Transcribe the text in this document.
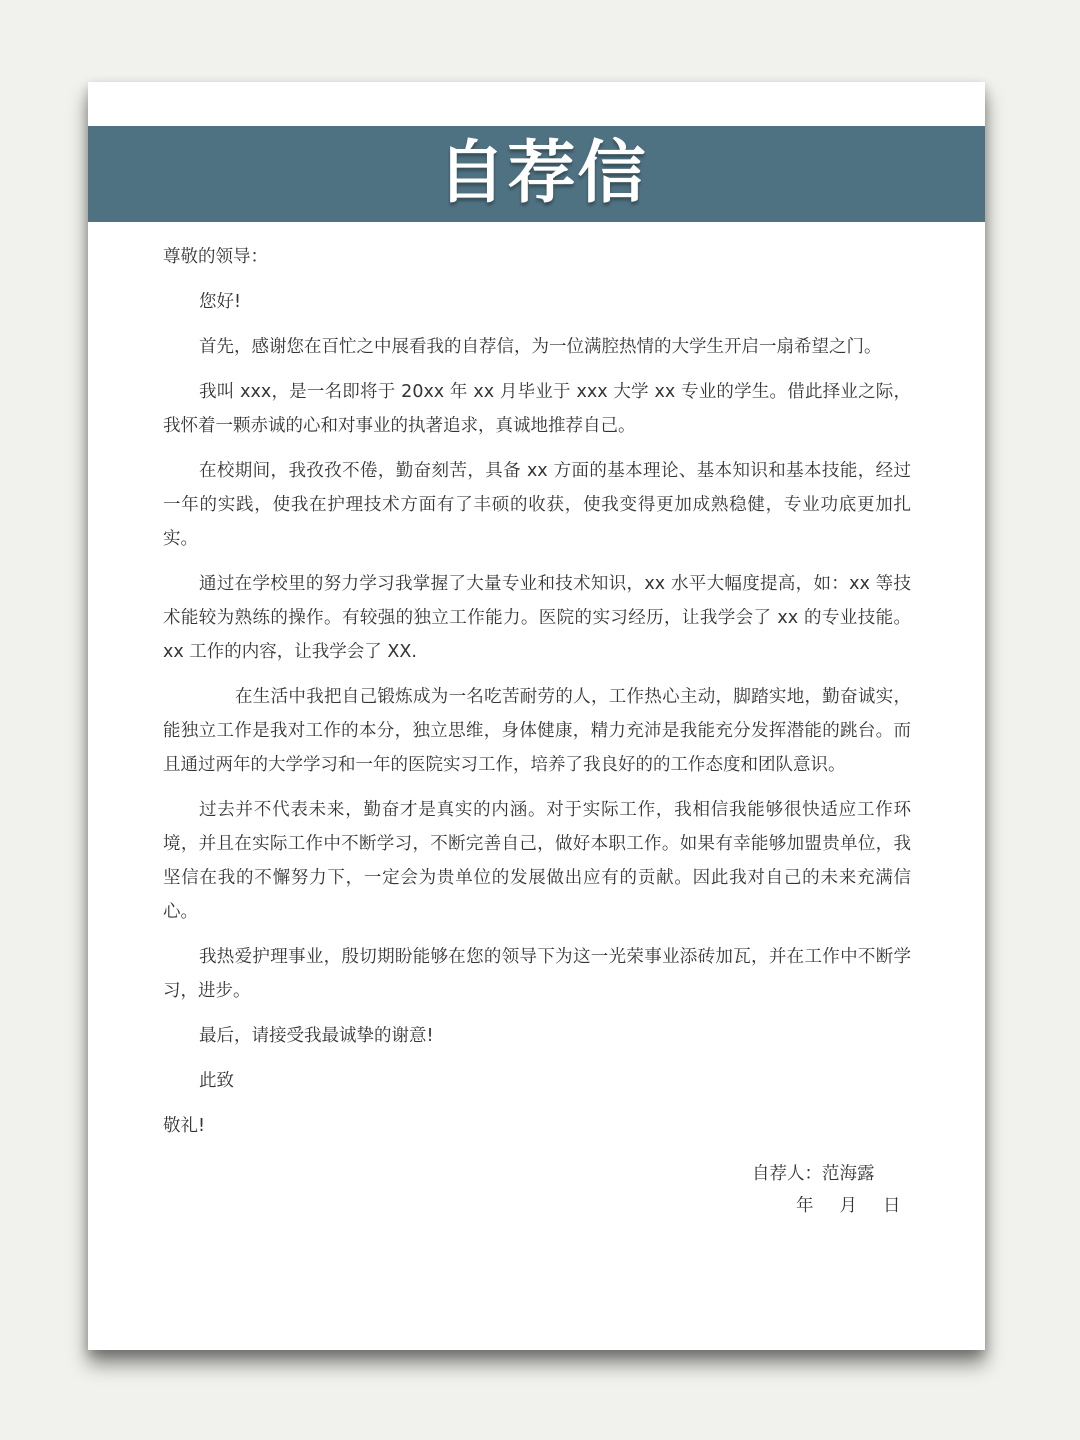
自荐信

尊敬的领导：

您好!

首先，感谢您在百忙之中展看我的自荐信，为一位满腔热情的大学生开启一扇希望之门。

我叫 xxx，是一名即将于 20xx 年 xx 月毕业于 xxx 大学 xx 专业的学生。借此择业之际，我怀着一颗赤诚的心和对事业的执著追求，真诚地推荐自己。

在校期间，我孜孜不倦，勤奋刻苦，具备 xx 方面的基本理论、基本知识和基本技能，经过一年的实践，使我在护理技术方面有了丰硕的收获，使我变得更加成熟稳健，专业功底更加扎实。

通过在学校里的努力学习我掌握了大量专业和技术知识，xx 水平大幅度提高，如：xx 等技术能较为熟练的操作。有较强的独立工作能力。医院的实习经历，让我学会了 xx 的专业技能。xx 工作的内容，让我学会了 XX.

在生活中我把自己锻炼成为一名吃苦耐劳的人，工作热心主动，脚踏实地，勤奋诚实，能独立工作是我对工作的本分，独立思维，身体健康，精力充沛是我能充分发挥潜能的跳台。而且通过两年的大学学习和一年的医院实习工作，培养了我良好的的工作态度和团队意识。

过去并不代表未来，勤奋才是真实的内涵。对于实际工作，我相信我能够很快适应工作环境，并且在实际工作中不断学习，不断完善自己，做好本职工作。如果有幸能够加盟贵单位，我坚信在我的不懈努力下，一定会为贵单位的发展做出应有的贡献。因此我对自己的未来充满信心。

我热爱护理事业，殷切期盼能够在您的领导下为这一光荣事业添砖加瓦，并在工作中不断学习，进步。

最后，请接受我最诚挚的谢意!

此致

敬礼!

自荐人：范海露
年 月 日
